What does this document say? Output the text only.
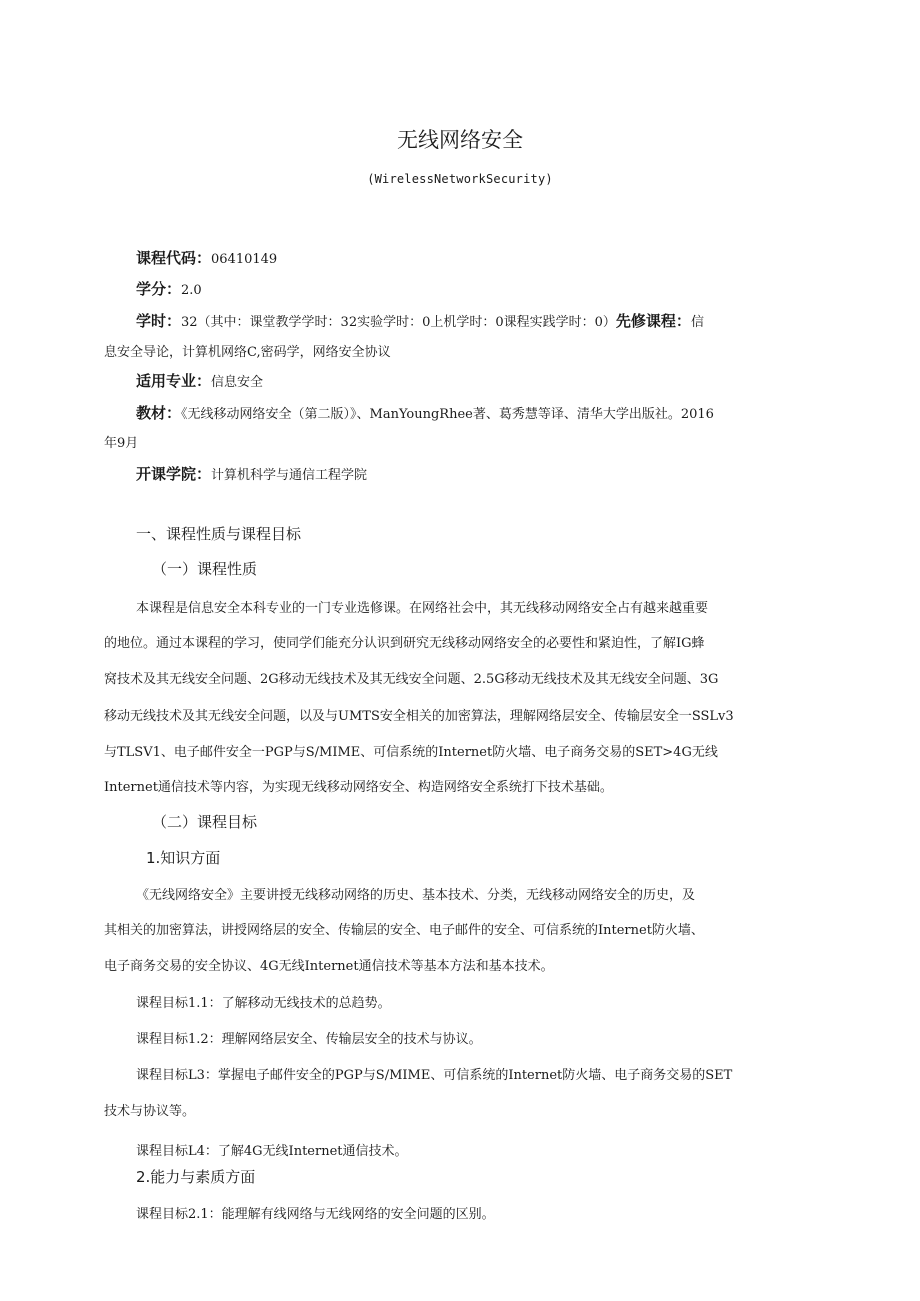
无线网络安全
(WirelessNetworkSecurity)
课程代码：06410149
学分：2.0
学时：32（其中：课堂教学学时：32实验学时：0上机学时：0课程实践学时：0）先修课程：信
息安全导论，计算机网络C,密码学，网络安全协议
适用专业：信息安全
教材：《无线移动网络安全（第二版）》、ManYoungRhee著、葛秀慧等译、清华大学出版社。2016
年9月
开课学院：计算机科学与通信工程学院
一、课程性质与课程目标
（一）课程性质
本课程是信息安全本科专业的一门专业选修课。在网络社会中，其无线移动网络安全占有越来越重要
的地位。通过本课程的学习，使同学们能充分认识到研究无线移动网络安全的必要性和紧迫性，了解IG蜂
窝技术及其无线安全问题、2G移动无线技术及其无线安全问题、2.5G移动无线技术及其无线安全问题、3G
移动无线技术及其无线安全问题，以及与UMTS安全相关的加密算法，理解网络层安全、传输层安全一SSLv3
与TLSV1、电子邮件安全一PGP与S/MIME、可信系统的Internet防火墙、电子商务交易的SET>4G无线
Internet通信技术等内容，为实现无线移动网络安全、构造网络安全系统打下技术基础。
（二）课程目标
1.知识方面
《无线网络安全》主要讲授无线移动网络的历史、基本技术、分类，无线移动网络安全的历史，及
其相关的加密算法，讲授网络层的安全、传输层的安全、电子邮件的安全、可信系统的Internet防火墙、
电子商务交易的安全协议、4G无线Internet通信技术等基本方法和基本技术。
课程目标1.1：了解移动无线技术的总趋势。
课程目标1.2：理解网络层安全、传输层安全的技术与协议。
课程目标L3：掌握电子邮件安全的PGP与S/MIME、可信系统的Internet防火墙、电子商务交易的SET
技术与协议等。
课程目标L4：了解4G无线Internet通信技术。
2.能力与素质方面
课程目标2.1：能理解有线网络与无线网络的安全问题的区别。
